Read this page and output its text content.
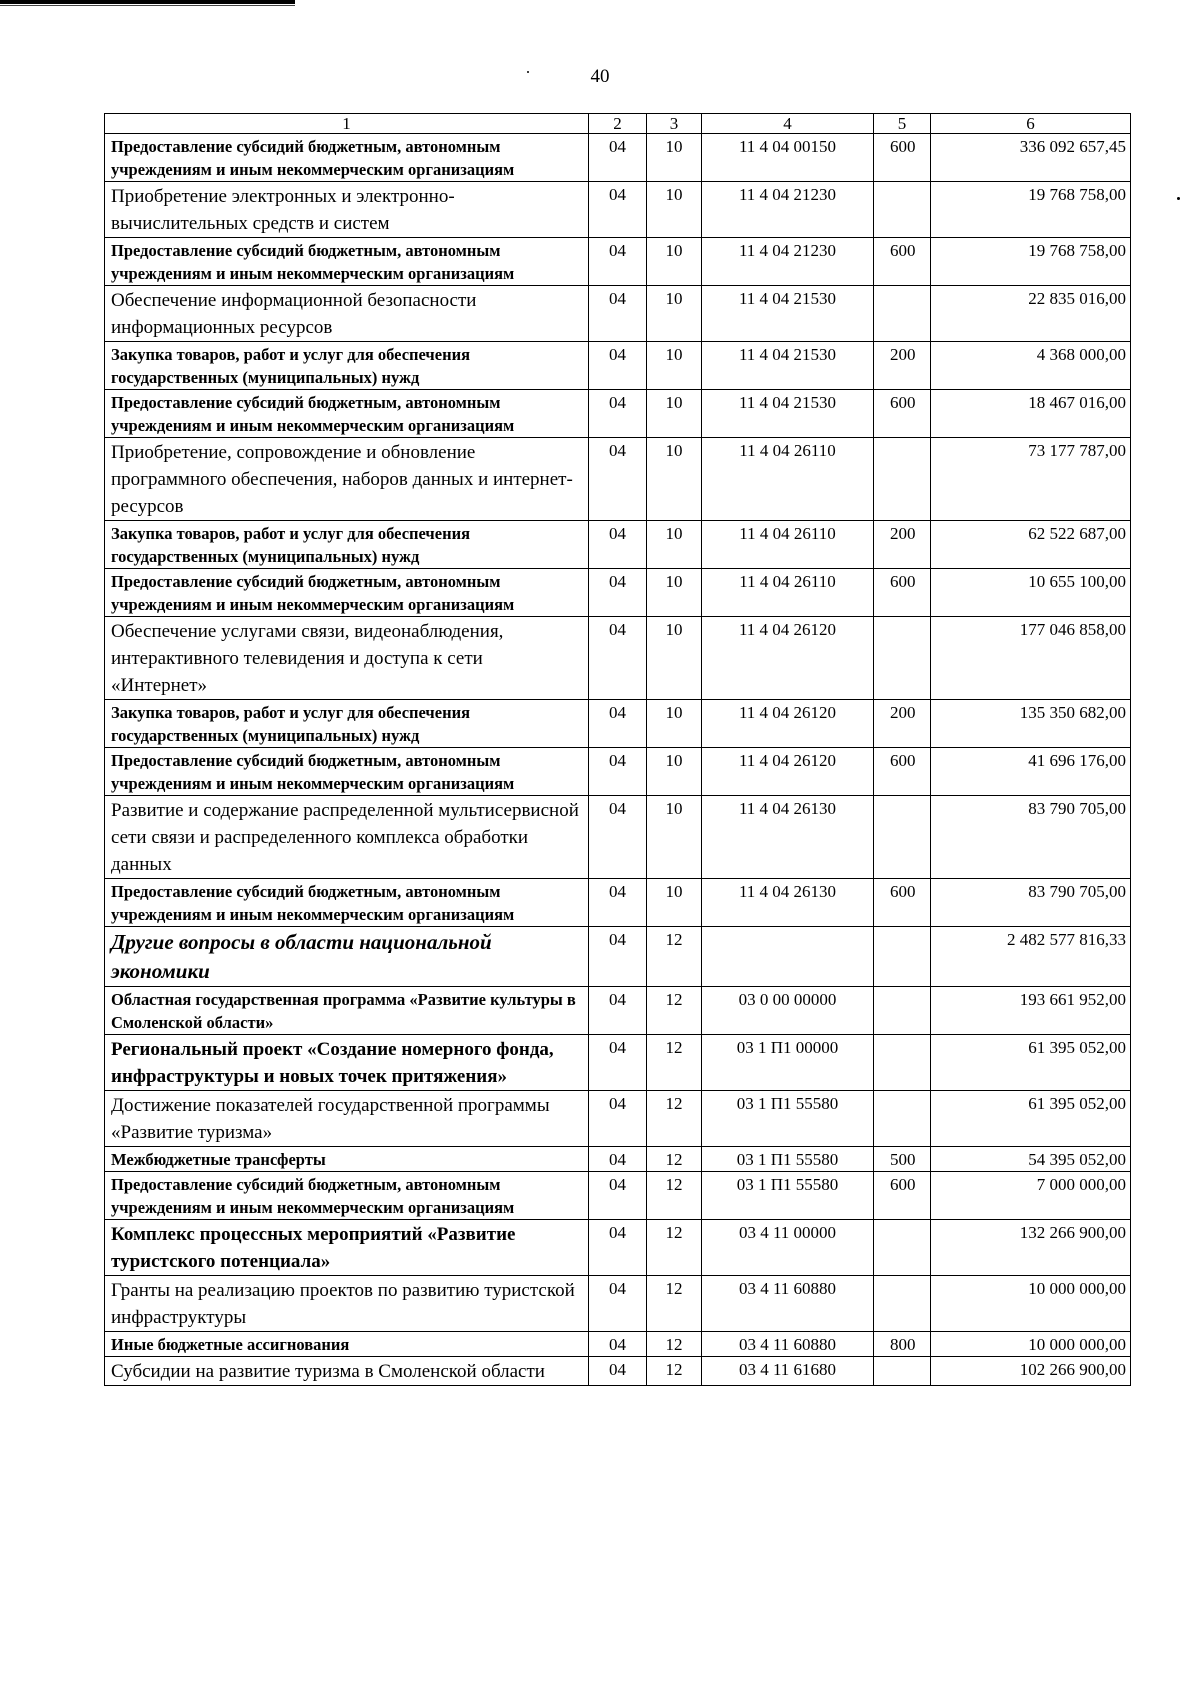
40
1	2	3	4	5	6
Предоставление субсидий бюджетным, автономным учреждениям и иным некоммерческим организациям	04	10	11 4 04 00150	600	336 092 657,45
Приобретение электронных и электронно-вычислительных средств и систем	04	10	11 4 04 21230		19 768 758,00
Предоставление субсидий бюджетным, автономным учреждениям и иным некоммерческим организациям	04	10	11 4 04 21230	600	19 768 758,00
Обеспечение информационной безопасности информационных ресурсов	04	10	11 4 04 21530		22 835 016,00
Закупка товаров, работ и услуг для обеспечения государственных (муниципальных) нужд	04	10	11 4 04 21530	200	4 368 000,00
Предоставление субсидий бюджетным, автономным учреждениям и иным некоммерческим организациям	04	10	11 4 04 21530	600	18 467 016,00
Приобретение, сопровождение и обновление программного обеспечения, наборов данных и интернет-ресурсов	04	10	11 4 04 26110		73 177 787,00
Закупка товаров, работ и услуг для обеспечения государственных (муниципальных) нужд	04	10	11 4 04 26110	200	62 522 687,00
Предоставление субсидий бюджетным, автономным учреждениям и иным некоммерческим организациям	04	10	11 4 04 26110	600	10 655 100,00
Обеспечение услугами связи, видеонаблюдения, интерактивного телевидения и доступа к сети «Интернет»	04	10	11 4 04 26120		177 046 858,00
Закупка товаров, работ и услуг для обеспечения государственных (муниципальных) нужд	04	10	11 4 04 26120	200	135 350 682,00
Предоставление субсидий бюджетным, автономным учреждениям и иным некоммерческим организациям	04	10	11 4 04 26120	600	41 696 176,00
Развитие и содержание распределенной мультисервисной сети связи и распределенного комплекса обработки данных	04	10	11 4 04 26130		83 790 705,00
Предоставление субсидий бюджетным, автономным учреждениям и иным некоммерческим организациям	04	10	11 4 04 26130	600	83 790 705,00
Другие вопросы в области национальной экономики	04	12			2 482 577 816,33
Областная государственная программа «Развитие культуры в Смоленской области»	04	12	03 0 00 00000		193 661 952,00
Региональный проект «Создание номерного фонда, инфраструктуры и новых точек притяжения»	04	12	03 1 П1 00000		61 395 052,00
Достижение показателей государственной программы «Развитие туризма»	04	12	03 1 П1 55580		61 395 052,00
Межбюджетные трансферты	04	12	03 1 П1 55580	500	54 395 052,00
Предоставление субсидий бюджетным, автономным учреждениям и иным некоммерческим организациям	04	12	03 1 П1 55580	600	7 000 000,00
Комплекс процессных мероприятий «Развитие туристского потенциала»	04	12	03 4 11 00000		132 266 900,00
Гранты на реализацию проектов по развитию туристской инфраструктуры	04	12	03 4 11 60880		10 000 000,00
Иные бюджетные ассигнования	04	12	03 4 11 60880	800	10 000 000,00
Субсидии на развитие туризма в Смоленской области	04	12	03 4 11 61680		102 266 900,00
